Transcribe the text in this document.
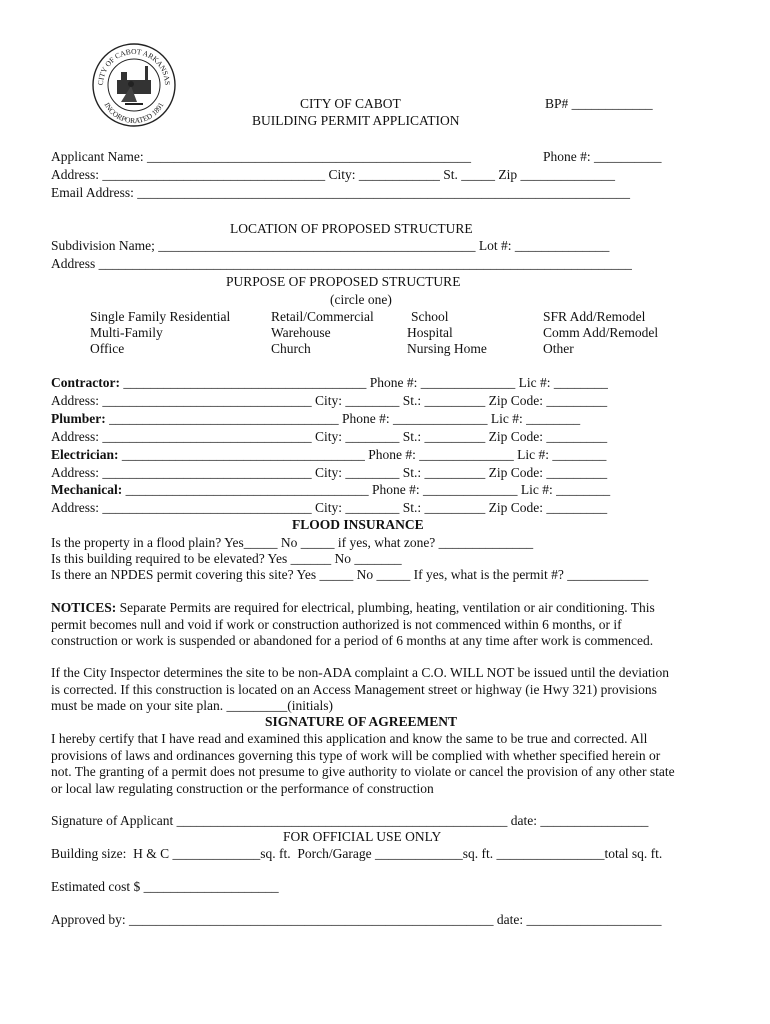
CITY OF CABOT ARKANSAS
INCORPORATED 1891	CITY OF CABOT
BUILDING PERMIT APPLICATION
BP# ____________
Applicant Name: ________________________________________________	Phone #: __________
Address: _________________________________ City: ____________ St. _____ Zip ______________
Email Address: _________________________________________________________________________
LOCATION OF PROPOSED STRUCTURE
Subdivision Name; _______________________________________________ Lot #: ______________
Address _______________________________________________________________________________
PURPOSE OF PROPOSED STRUCTURE
(circle one)
Single Family Residential
Multi-Family
Office
Retail/Commercial
Warehouse
Church
School
Hospital
Nursing Home
SFR Add/Remodel
Comm Add/Remodel
Other
Contractor: ____________________________________ Phone #: ______________ Lic #: ________
Address: _______________________________ City: ________ St.: _________ Zip Code: _________
Plumber: __________________________________ Phone #: ______________ Lic #: ________
Address: _______________________________ City: ________ St.: _________ Zip Code: _________
Electrician: ____________________________________ Phone #: ______________ Lic #: ________
Address: _______________________________ City: ________ St.: _________ Zip Code: _________
Mechanical: ____________________________________ Phone #: ______________ Lic #: ________
Address: _______________________________ City: ________ St.: _________ Zip Code: _________
FLOOD INSURANCE
Is the property in a flood plain? Yes_____ No _____ if yes, what zone? ______________
Is this building required to be elevated? Yes ______ No _______
Is there an NPDES permit covering this site? Yes _____ No _____ If yes, what is the permit #? ____________
NOTICES: Separate Permits are required for electrical, plumbing, heating, ventilation or air conditioning. This permit becomes null and void if work or construction authorized is not commenced within 6 months, or if construction or work is suspended or abandoned for a period of 6 months at any time after work is commenced.
If the City Inspector determines the site to be non-ADA complaint a C.O. WILL NOT be issued until the deviation is corrected. If this construction is located on an Access Management street or highway (ie Hwy 321) provisions must be made on your site plan. _________(initials)
SIGNATURE OF AGREEMENT
I hereby certify that I have read and examined this application and know the same to be true and corrected. All provisions of laws and ordinances governing this type of work will be complied with whether specified herein or not. The granting of a permit does not presume to give authority to violate or cancel the provision of any other state or local law regulating construction or the performance of construction
Signature of Applicant _________________________________________________ date: ________________
FOR OFFICIAL USE ONLY
Building size:  H & C _____________sq. ft.  Porch/Garage _____________sq. ft. ________________total sq. ft.
Estimated cost $ ____________________
Approved by: ______________________________________________________ date: ____________________
